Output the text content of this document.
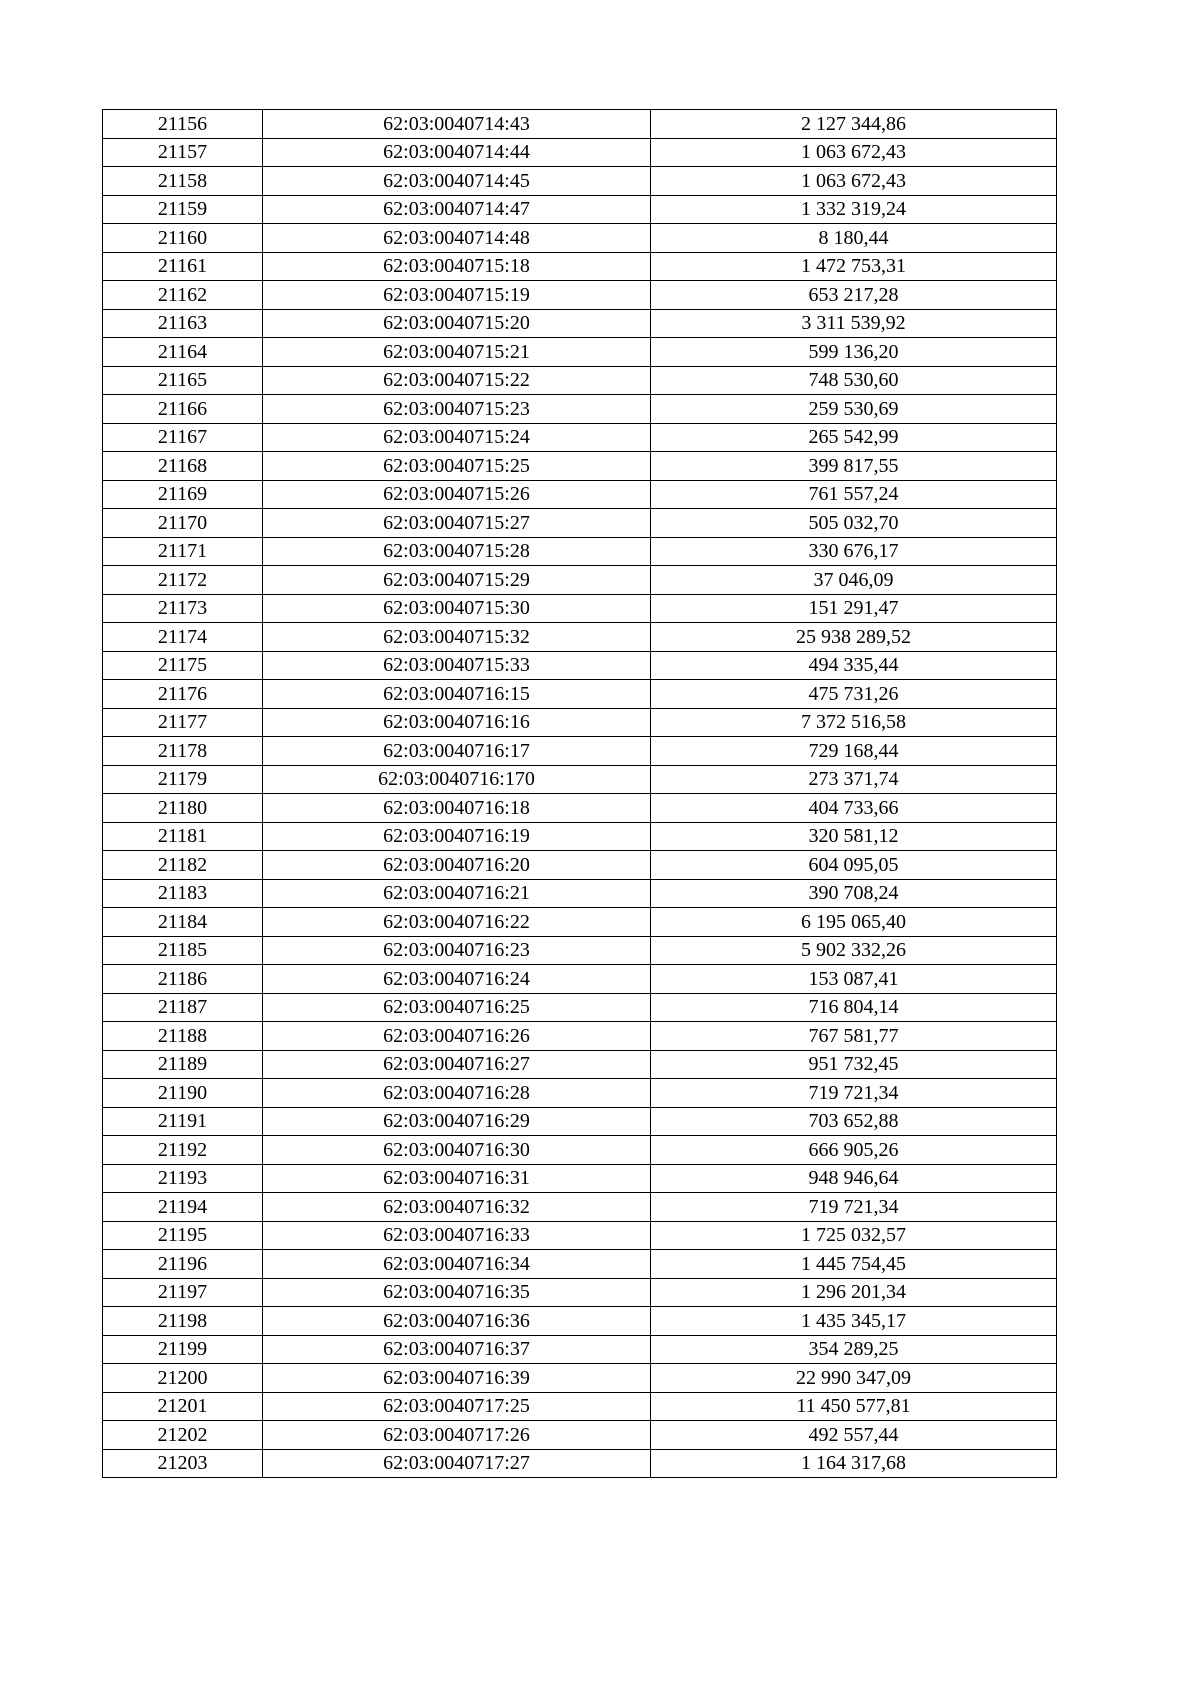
21156	62:03:0040714:43	2 127 344,86
21157	62:03:0040714:44	1 063 672,43
21158	62:03:0040714:45	1 063 672,43
21159	62:03:0040714:47	1 332 319,24
21160	62:03:0040714:48	8 180,44
21161	62:03:0040715:18	1 472 753,31
21162	62:03:0040715:19	653 217,28
21163	62:03:0040715:20	3 311 539,92
21164	62:03:0040715:21	599 136,20
21165	62:03:0040715:22	748 530,60
21166	62:03:0040715:23	259 530,69
21167	62:03:0040715:24	265 542,99
21168	62:03:0040715:25	399 817,55
21169	62:03:0040715:26	761 557,24
21170	62:03:0040715:27	505 032,70
21171	62:03:0040715:28	330 676,17
21172	62:03:0040715:29	37 046,09
21173	62:03:0040715:30	151 291,47
21174	62:03:0040715:32	25 938 289,52
21175	62:03:0040715:33	494 335,44
21176	62:03:0040716:15	475 731,26
21177	62:03:0040716:16	7 372 516,58
21178	62:03:0040716:17	729 168,44
21179	62:03:0040716:170	273 371,74
21180	62:03:0040716:18	404 733,66
21181	62:03:0040716:19	320 581,12
21182	62:03:0040716:20	604 095,05
21183	62:03:0040716:21	390 708,24
21184	62:03:0040716:22	6 195 065,40
21185	62:03:0040716:23	5 902 332,26
21186	62:03:0040716:24	153 087,41
21187	62:03:0040716:25	716 804,14
21188	62:03:0040716:26	767 581,77
21189	62:03:0040716:27	951 732,45
21190	62:03:0040716:28	719 721,34
21191	62:03:0040716:29	703 652,88
21192	62:03:0040716:30	666 905,26
21193	62:03:0040716:31	948 946,64
21194	62:03:0040716:32	719 721,34
21195	62:03:0040716:33	1 725 032,57
21196	62:03:0040716:34	1 445 754,45
21197	62:03:0040716:35	1 296 201,34
21198	62:03:0040716:36	1 435 345,17
21199	62:03:0040716:37	354 289,25
21200	62:03:0040716:39	22 990 347,09
21201	62:03:0040717:25	11 450 577,81
21202	62:03:0040717:26	492 557,44
21203	62:03:0040717:27	1 164 317,68
